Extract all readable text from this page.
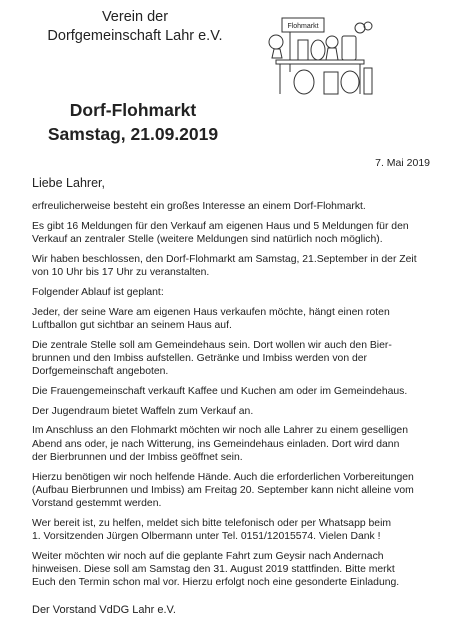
Verein der
Dorfgemeinschaft Lahr e.V.
Flohmarkt
Dorf-Flohmarkt
Samstag, 21.09.2019
7. Mai 2019
Liebe Lahrer,

erfreulicherweise besteht ein großes Interesse an einem Dorf-Flohmarkt.

Es gibt 16 Meldungen für den Verkauf am eigenen Haus und 5 Meldungen für den
Verkauf an zentraler Stelle (weitere Meldungen sind natürlich noch möglich).

Wir haben beschlossen, den Dorf-Flohmarkt am Samstag, 21.September in der Zeit
von 10 Uhr bis 17 Uhr zu veranstalten.

Folgender Ablauf ist geplant:

Jeder, der seine Ware am eigenen Haus verkaufen möchte, hängt einen roten
Luftballon gut sichtbar an seinem Haus auf.

Die zentrale Stelle soll am Gemeindehaus sein. Dort wollen wir auch den Bier-
brunnen und den Imbiss aufstellen. Getränke und Imbiss werden von der
Dorfgemeinschaft angeboten.

Die Frauengemeinschaft verkauft Kaffee und Kuchen am oder im Gemeindehaus.

Der Jugendraum bietet Waffeln zum Verkauf an.

Im Anschluss an den Flohmarkt möchten wir noch alle Lahrer zu einem geselligen
Abend ans oder, je nach Witterung, ins Gemeindehaus einladen. Dort wird dann
der Bierbrunnen und der Imbiss geöffnet sein.

Hierzu benötigen wir noch helfende Hände. Auch die erforderlichen Vorbereitungen
(Aufbau Bierbrunnen und Imbiss) am Freitag 20. September kann nicht alleine vom
Vorstand gestemmt werden.

Wer bereit ist, zu helfen, meldet sich bitte telefonisch oder per Whatsapp beim
1. Vorsitzenden Jürgen Olbermann unter Tel. 0151/12015574. Vielen Dank !

Weiter möchten wir noch auf die geplante Fahrt zum Geysir nach Andernach
hinweisen. Diese soll am Samstag den 31. August 2019 stattfinden. Bitte merkt
Euch den Termin schon mal vor. Hierzu erfolgt noch eine gesonderte Einladung.

Der Vorstand VdDG Lahr e.V.
